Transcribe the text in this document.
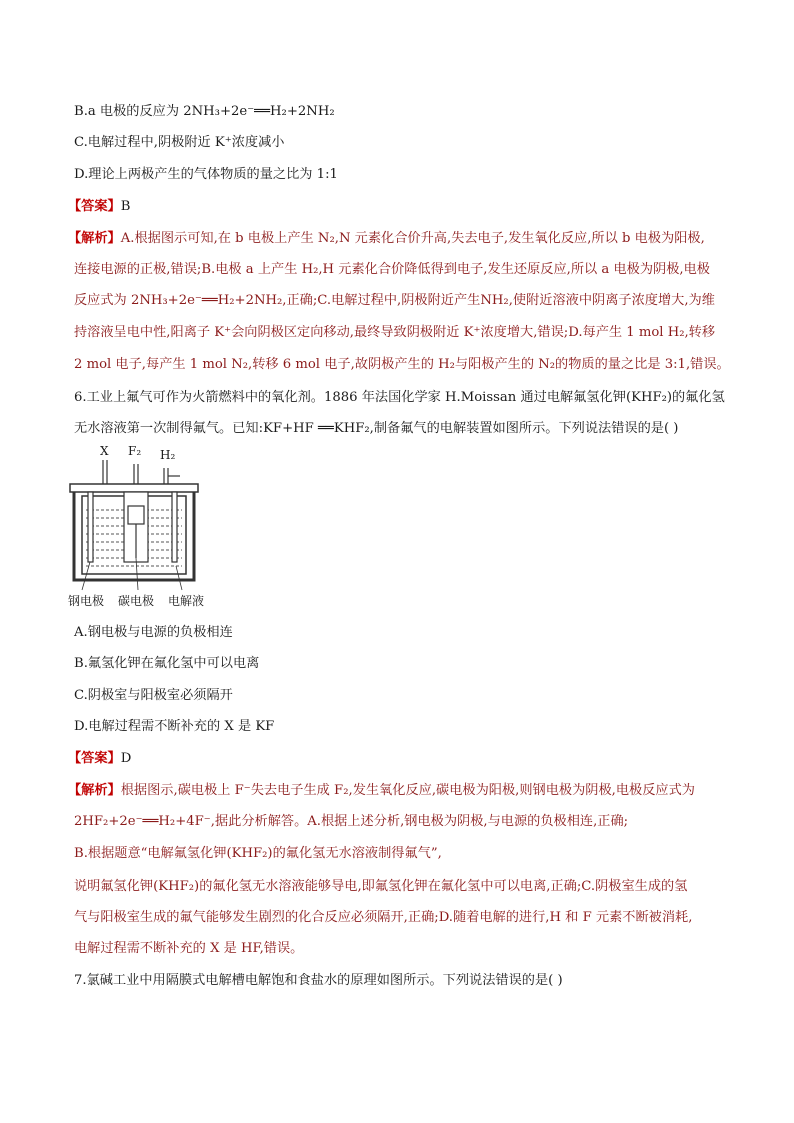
B.a 电极的反应为 2NH₃+2e⁻══H₂+2NH₂
C.电解过程中,阴极附近 K⁺浓度减小
D.理论上两极产生的气体物质的量之比为 1:1
【答案】B
【解析】A.根据图示可知,在 b 电极上产生 N₂,N 元素化合价升高,失去电子,发生氧化反应,所以 b 电极为阳极,
连接电源的正极,错误;B.电极 a 上产生 H₂,H 元素化合价降低得到电子,发生还原反应,所以 a 电极为阴极,电极
反应式为 2NH₃+2e⁻══H₂+2NH₂,正确;C.电解过程中,阴极附近产生NH₂,使附近溶液中阴离子浓度增大,为维
持溶液呈电中性,阳离子 K⁺会向阴极区定向移动,最终导致阴极附近 K⁺浓度增大,错误;D.每产生 1 mol H₂,转移
2 mol 电子,每产生 1 mol N₂,转移 6 mol 电子,故阴极产生的 H₂与阳极产生的 N₂的物质的量之比是 3:1,错误。
6.工业上氟气可作为火箭燃料中的氧化剂。1886 年法国化学家 H.Moissan 通过电解氟氢化钾(KHF₂)的氟化氢
无水溶液第一次制得氟气。已知:KF+HF ══KHF₂,制备氟气的电解装置如图所示。下列说法错误的是( )
X F₂ H₂
钢电极 碳电极 电解液
A.钢电极与电源的负极相连
B.氟氢化钾在氟化氢中可以电离
C.阴极室与阳极室必须隔开
D.电解过程需不断补充的 X 是 KF
【答案】D
【解析】根据图示,碳电极上 F⁻失去电子生成 F₂,发生氧化反应,碳电极为阳极,则钢电极为阴极,电极反应式为
2HF₂+2e⁻══H₂+4F⁻,据此分析解答。A.根据上述分析,钢电极为阴极,与电源的负极相连,正确;
B.根据题意“电解氟氢化钾(KHF₂)的氟化氢无水溶液制得氟气”,
说明氟氢化钾(KHF₂)的氟化氢无水溶液能够导电,即氟氢化钾在氟化氢中可以电离,正确;C.阴极室生成的氢
气与阳极室生成的氟气能够发生剧烈的化合反应必须隔开,正确;D.随着电解的进行,H 和 F 元素不断被消耗,
电解过程需不断补充的 X 是 HF,错误。
7.氯碱工业中用隔膜式电解槽电解饱和食盐水的原理如图所示。下列说法错误的是( )
